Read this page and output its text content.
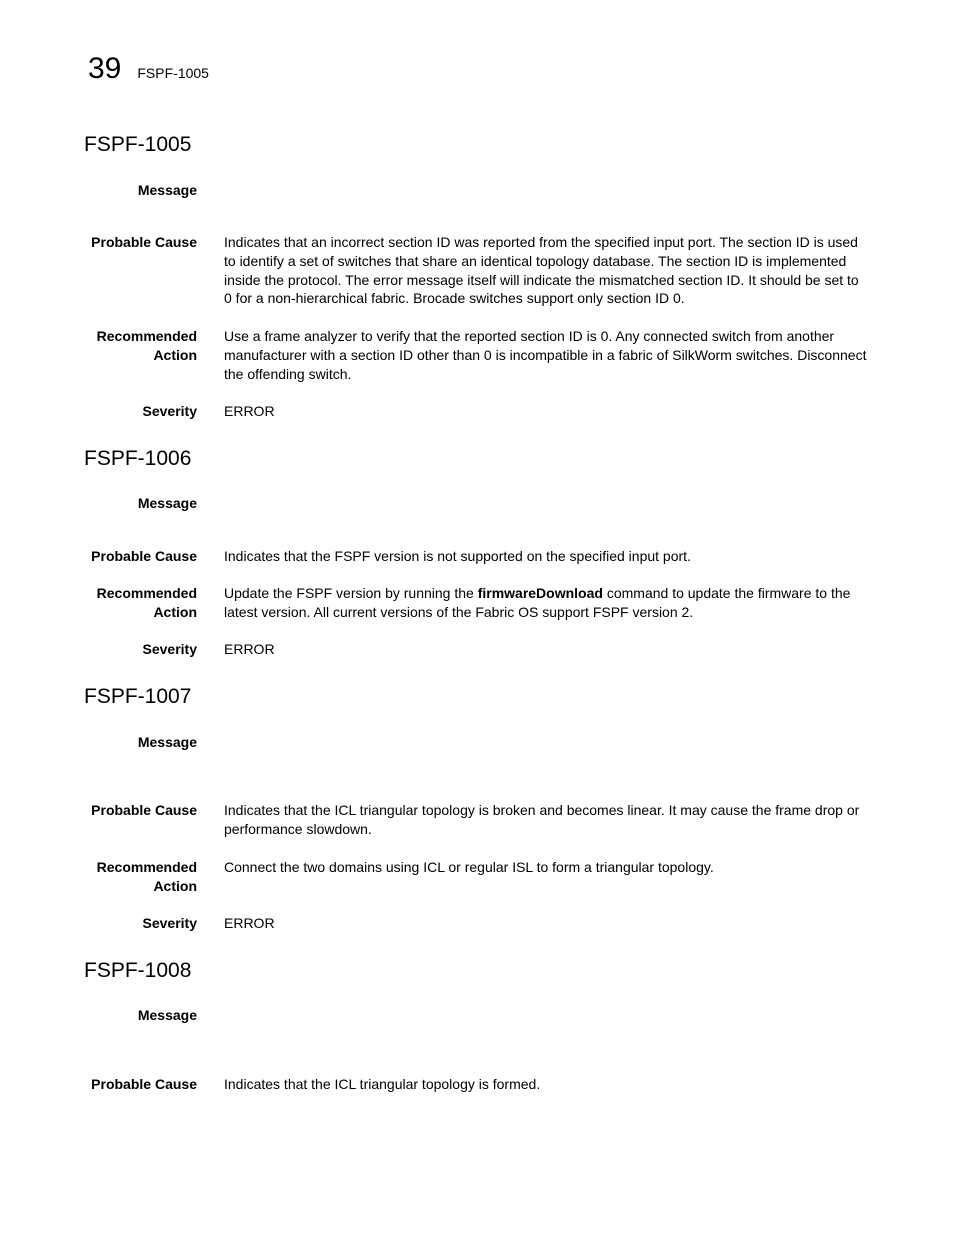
39 FSPF-1005
FSPF-1005
Message
Probable Cause Indicates that an incorrect section ID was reported from the specified input port. The section ID is used to identify a set of switches that share an identical topology database. The section ID is implemented inside the protocol. The error message itself will indicate the mismatched section ID. It should be set to 0 for a non-hierarchical fabric. Brocade switches support only section ID 0.
Recommended
Action
Use a frame analyzer to verify that the reported section ID is 0. Any connected switch from another manufacturer with a section ID other than 0 is incompatible in a fabric of SilkWorm switches. Disconnect the offending switch.
Severity ERROR
FSPF-1006
Message
Probable Cause Indicates that the FSPF version is not supported on the specified input port.
Recommended
Action
Update the FSPF version by running the firmwareDownload command to update the firmware to the latest version. All current versions of the Fabric OS support FSPF version 2.
Severity ERROR
FSPF-1007
Message
Probable Cause Indicates that the ICL triangular topology is broken and becomes linear. It may cause the frame drop or performance slowdown.
Recommended
Action
Connect the two domains using ICL or regular ISL to form a triangular topology.
Severity ERROR
FSPF-1008
Message
Probable Cause Indicates that the ICL triangular topology is formed.
